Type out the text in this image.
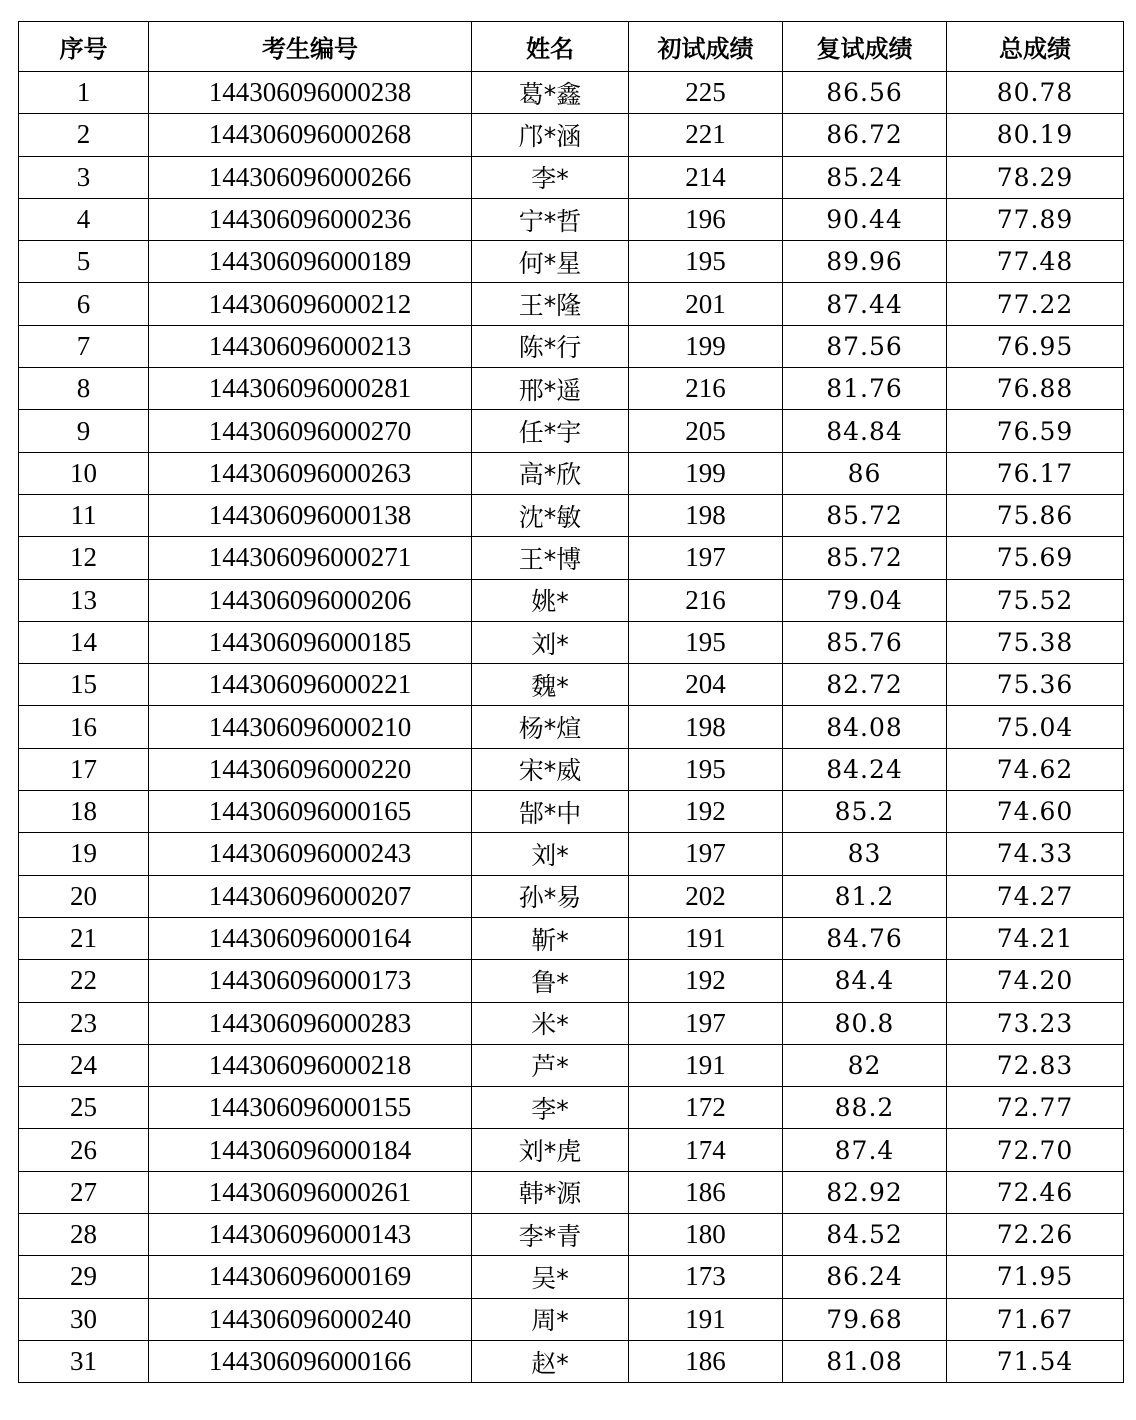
序号	考生编号	姓名	初试成绩	复试成绩	总成绩
1	144306096000238	葛*鑫	225	86.56	80.78
2	144306096000268	邝*涵	221	86.72	80.19
3	144306096000266	李*	214	85.24	78.29
4	144306096000236	宁*哲	196	90.44	77.89
5	144306096000189	何*星	195	89.96	77.48
6	144306096000212	王*隆	201	87.44	77.22
7	144306096000213	陈*行	199	87.56	76.95
8	144306096000281	邢*遥	216	81.76	76.88
9	144306096000270	任*宇	205	84.84	76.59
10	144306096000263	高*欣	199	86	76.17
11	144306096000138	沈*敏	198	85.72	75.86
12	144306096000271	王*博	197	85.72	75.69
13	144306096000206	姚*	216	79.04	75.52
14	144306096000185	刘*	195	85.76	75.38
15	144306096000221	魏*	204	82.72	75.36
16	144306096000210	杨*煊	198	84.08	75.04
17	144306096000220	宋*威	195	84.24	74.62
18	144306096000165	郜*中	192	85.2	74.60
19	144306096000243	刘*	197	83	74.33
20	144306096000207	孙*易	202	81.2	74.27
21	144306096000164	靳*	191	84.76	74.21
22	144306096000173	鲁*	192	84.4	74.20
23	144306096000283	米*	197	80.8	73.23
24	144306096000218	芦*	191	82	72.83
25	144306096000155	李*	172	88.2	72.77
26	144306096000184	刘*虎	174	87.4	72.70
27	144306096000261	韩*源	186	82.92	72.46
28	144306096000143	李*青	180	84.52	72.26
29	144306096000169	吴*	173	86.24	71.95
30	144306096000240	周*	191	79.68	71.67
31	144306096000166	赵*	186	81.08	71.54
